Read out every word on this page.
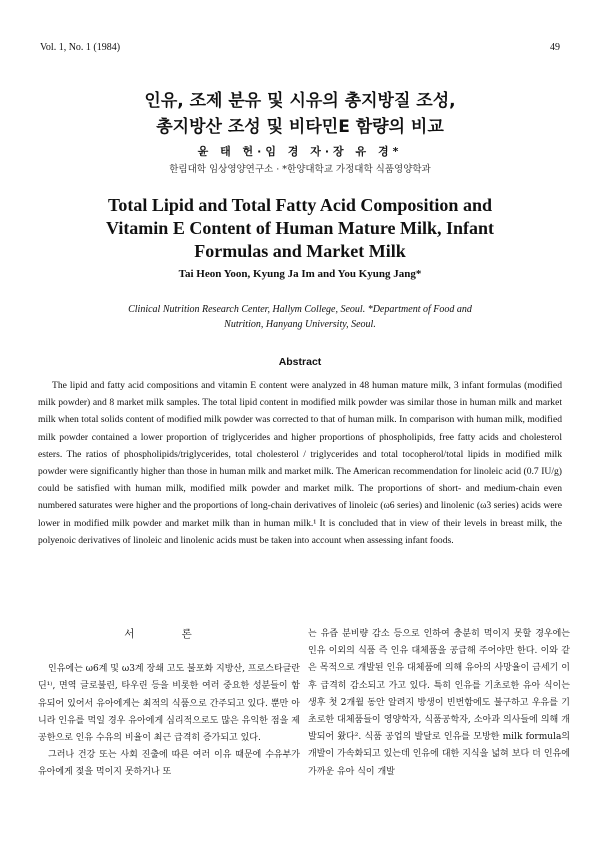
Vol. 1, No. 1 (1984)	49
인유, 조제 분유 및 시유의 총지방질 조성,
총지방산 조성 및 비타민E 함량의 비교
윤 태 헌·임 경 자·장 유 경*
한림대학 임상영양연구소 · *한양대학교 가정대학 식품영양학과
Total Lipid and Total Fatty Acid Composition and
Vitamin E Content of Human Mature Milk, Infant
Formulas and Market Milk
Tai Heon Yoon, Kyung Ja Im and You Kyung Jang*
Clinical Nutrition Research Center, Hallym College, Seoul. *Department of Food and
Nutrition, Hanyang University, Seoul.
Abstract

The lipid and fatty acid compositions and vitamin E content were analyzed in 48 human mature milk, 3 infant formulas (modified milk powder) and 8 market milk samples. The total lipid content in modified milk powder was similar those in human milk and market milk when total solids content of modified milk powder was corrected to that of human milk. In comparison with human milk, modified milk powder contained a lower proportion of triglycerides and higher proportions of phospholipids, free fatty acids and cholesterol esters. The ratios of phospholipids/triglycerides, total cholesterol / triglycerides and total tocopherol/total lipids in modified milk powder were significantly higher than those in human milk and market milk. The American recommendation for linoleic acid (0.7 IU/g) could be satisfied with human milk, modified milk powder and market milk. The proportions of short- and medium-chain even numbered saturates were higher and the proportions of long-chain derivatives of linoleic (ω6 series) and linolenic (ω3 series) acids were lower in modified milk powder and market milk than in human milk.¹ It is concluded that in view of their levels in breast milk, the polyenoic derivatives of linoleic and linolenic acids must be taken into account when assessing infant foods.

서 론

인유에는 ω6계 및 ω3계 장쇄 고도 불포화 지방산, 프로스타글란딘¹⁾, 면역 글로불린, 타우린 등을 비롯한 여러 중요한 성분들이 함유되어 있어서 유아에게는 최적의 식품으로 간주되고 있다. 뿐만 아니라 인유를 먹일 경우 유아에게 심리적으로도 많은 유익한 점을 제공한으로 인유 수유의 비율이 최근 급격히 증가되고 있다.

그러나 건강 또는 사회 진출에 따른 여러 이유 때문에 수유부가 유아에게 젖을 먹이지 못하거나 또

는 유즙 분비량 감소 등으로 인하여 충분히 먹이지 못할 경우에는 인유 이외의 식품 즉 인유 대체품을 공급해 주어야만 한다. 이와 같은 목적으로 개발된 인유 대체품에 의해 유아의 사망율이 금세기 이후 급격히 감소되고 가고 있다. 특히 인유를 기초로한 유아 식이는 생후 첫 2개월 동안 알려지 방생이 빈번함에도 불구하고 우유를 기초로한 대체품들이 영양학자, 식품공학자, 소아과 의사들에 의해 개발되어 왔다². 식품 공업의 발달로 인유를 모방한 milk formula의 개발이 가속화되고 있는데 인유에 대한 지식을 넓혀 보다 더 인유에 가까운 유아 식이 개발
